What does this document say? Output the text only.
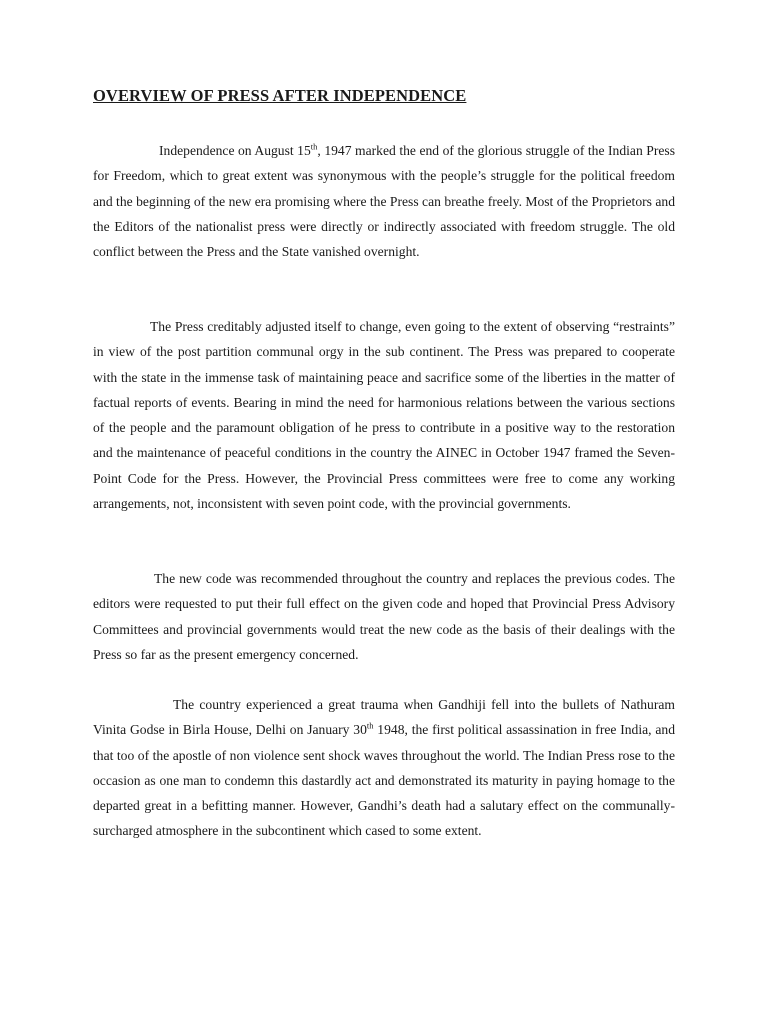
OVERVIEW OF PRESS AFTER INDEPENDENCE

Independence on August 15th, 1947 marked the end of the glorious struggle of the Indian Press for Freedom, which to great extent was synonymous with the people’s struggle for the political freedom and the beginning of the new era promising where the Press can breathe freely. Most of the Proprietors and the Editors of the nationalist press were directly or indirectly associated with freedom struggle. The old conflict between the Press and the State vanished overnight.

The Press creditably adjusted itself to change, even going to the extent of observing “restraints” in view of the post partition communal orgy in the sub continent. The Press was prepared to cooperate with the state in the immense task of maintaining peace and sacrifice some of the liberties in the matter of factual reports of events. Bearing in mind the need for harmonious relations between the various sections of the people and the paramount obligation of he press to contribute in a positive way to the restoration and the maintenance of peaceful conditions in the country the AINEC in October 1947 framed the Seven-Point Code for the Press. However, the Provincial Press committees were free to come any working arrangements, not, inconsistent with seven point code, with the provincial governments.

The new code was recommended throughout the country and replaces the previous codes. The editors were requested to put their full effect on the given code and hoped that Provincial Press Advisory Committees and provincial governments would treat the new code as the basis of their dealings with the Press so far as the present emergency concerned.

The country experienced a great trauma when Gandhiji fell into the bullets of Nathuram Vinita Godse in Birla House, Delhi on January 30th 1948, the first political assassination in free India, and that too of the apostle of non violence sent shock waves throughout the world. The Indian Press rose to the occasion as one man to condemn this dastardly act and demonstrated its maturity in paying homage to the departed great in a befitting manner. However, Gandhi’s death had a salutary effect on the communally-surcharged atmosphere in the subcontinent which cased to some extent.
